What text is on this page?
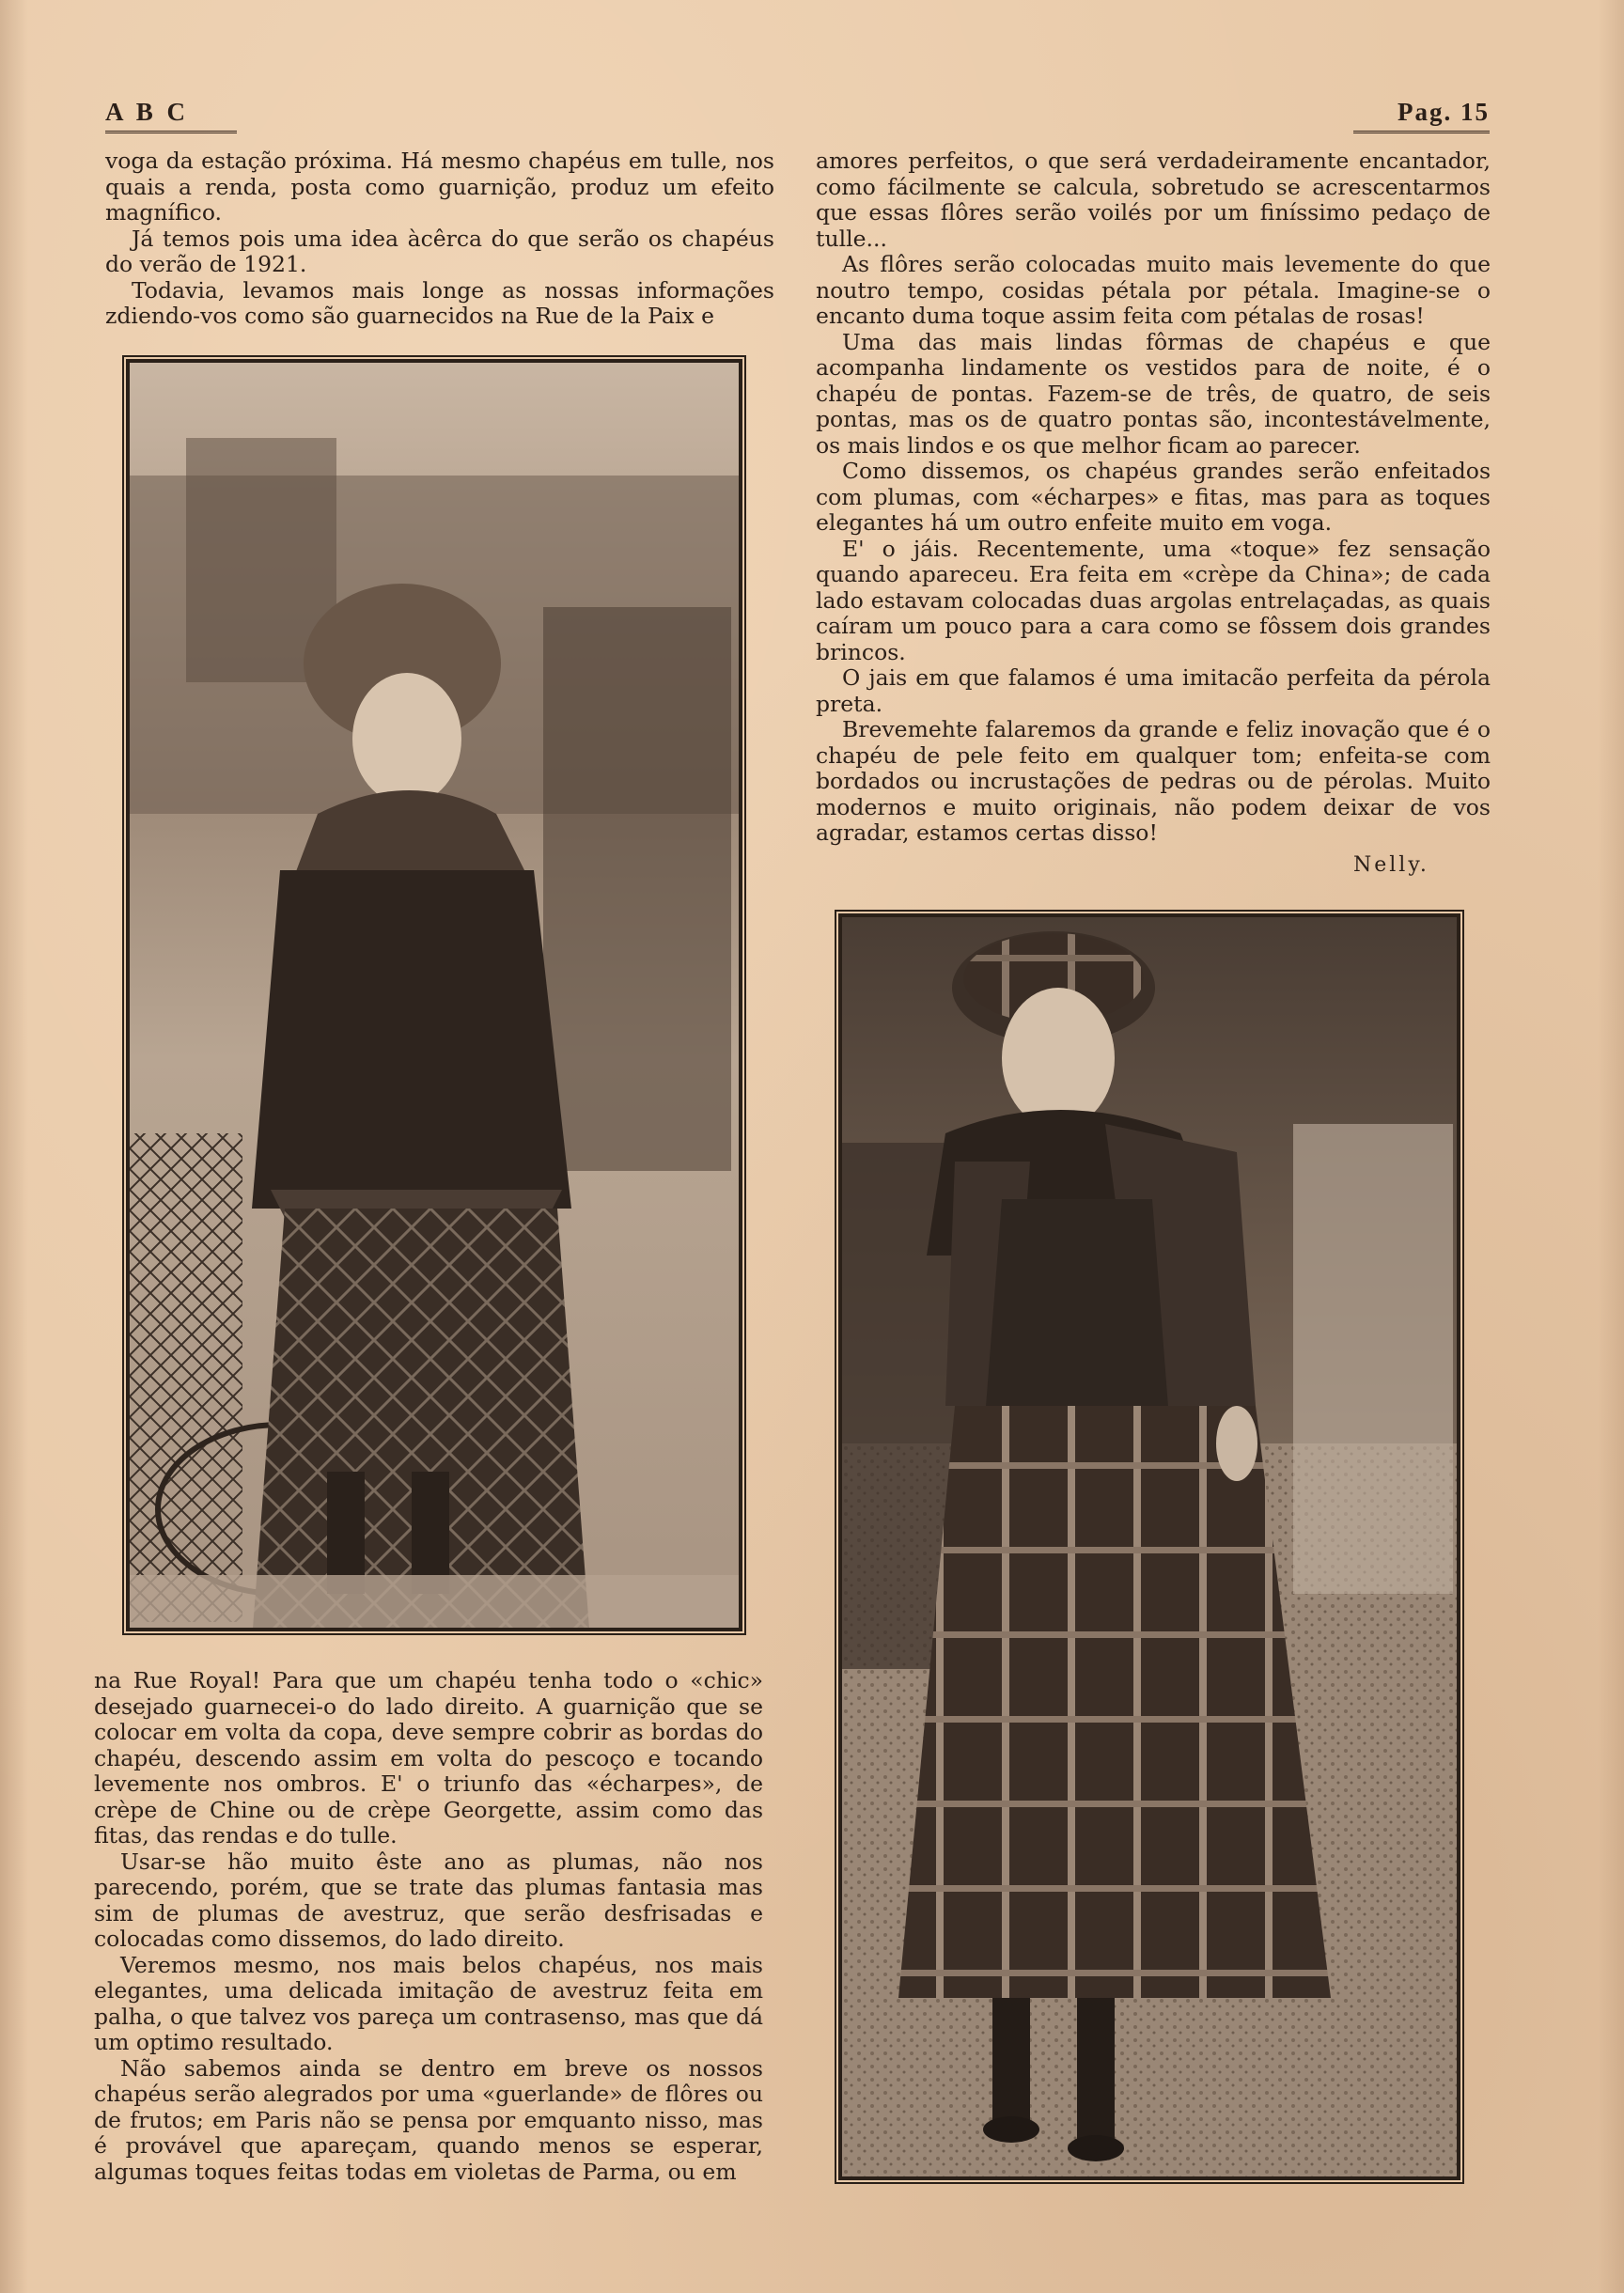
A B C	Pag. 15

voga da estação próxima. Há mesmo chapéus em tulle, nos quais a renda, posta como guarnição, produz um efeito magnífico.

Já temos pois uma idea àcêrca do que serão os chapéus do verão de 1921.

Todavia, levamos mais longe as nossas informações zdiendo-vos como são guarnecidos na Rue de la Paix e

na Rue Royal! Para que um chapéu tenha todo o «chic» desejado guarnecei-o do lado direito. A guarnição que se colocar em volta da copa, deve sempre cobrir as bordas do chapéu, descendo assim em volta do pescoço e tocando levemente nos ombros. E' o triunfo das «écharpes», de crèpe de Chine ou de crèpe Georgette, assim como das fitas, das rendas e do tulle.

Usar-se hão muito êste ano as plumas, não nos parecendo, porém, que se trate das plumas fantasia mas sim de plumas de avestruz, que serão desfrisadas e colocadas como dissemos, do lado direito.

Veremos mesmo, nos mais belos chapéus, nos mais elegantes, uma delicada imitação de avestruz feita em palha, o que talvez vos pareça um contrasenso, mas que dá um optimo resultado.

Não sabemos ainda se dentro em breve os nossos chapéus serão alegrados por uma «guerlande» de flôres ou de frutos; em Paris não se pensa por emquanto nisso, mas é provável que apareçam, quando menos se esperar, algumas toques feitas todas em violetas de Parma, ou em

amores perfeitos, o que será verdadeiramente encantador, como fácilmente se calcula, sobretudo se acrescentarmos que essas flôres serão voilés por um finíssimo pedaço de tulle...

As flôres serão colocadas muito mais levemente do que noutro tempo, cosidas pétala por pétala. Imagine-se o encanto duma toque assim feita com pétalas de rosas!

Uma das mais lindas fôrmas de chapéus e que acompanha lindamente os vestidos para de noite, é o chapéu de pontas. Fazem-se de três, de quatro, de seis pontas, mas os de quatro pontas são, incontestávelmente, os mais lindos e os que melhor ficam ao parecer.

Como dissemos, os chapéus grandes serão enfeitados com plumas, com «écharpes» e fitas, mas para as toques elegantes há um outro enfeite muito em voga.

E' o jáis. Recentemente, uma «toque» fez sensação quando apareceu. Era feita em «crèpe da China»; de cada lado estavam colocadas duas argolas entrelaçadas, as quais caíram um pouco para a cara como se fôssem dois grandes brincos.

O jais em que falamos é uma imitacão perfeita da pérola preta.

Brevemehte falaremos da grande e feliz inovação que é o chapéu de pele feito em qualquer tom; enfeita-se com bordados ou incrustações de pedras ou de pérolas. Muito modernos e muito originais, não podem deixar de vos agradar, estamos certas disso!

Nelly.
